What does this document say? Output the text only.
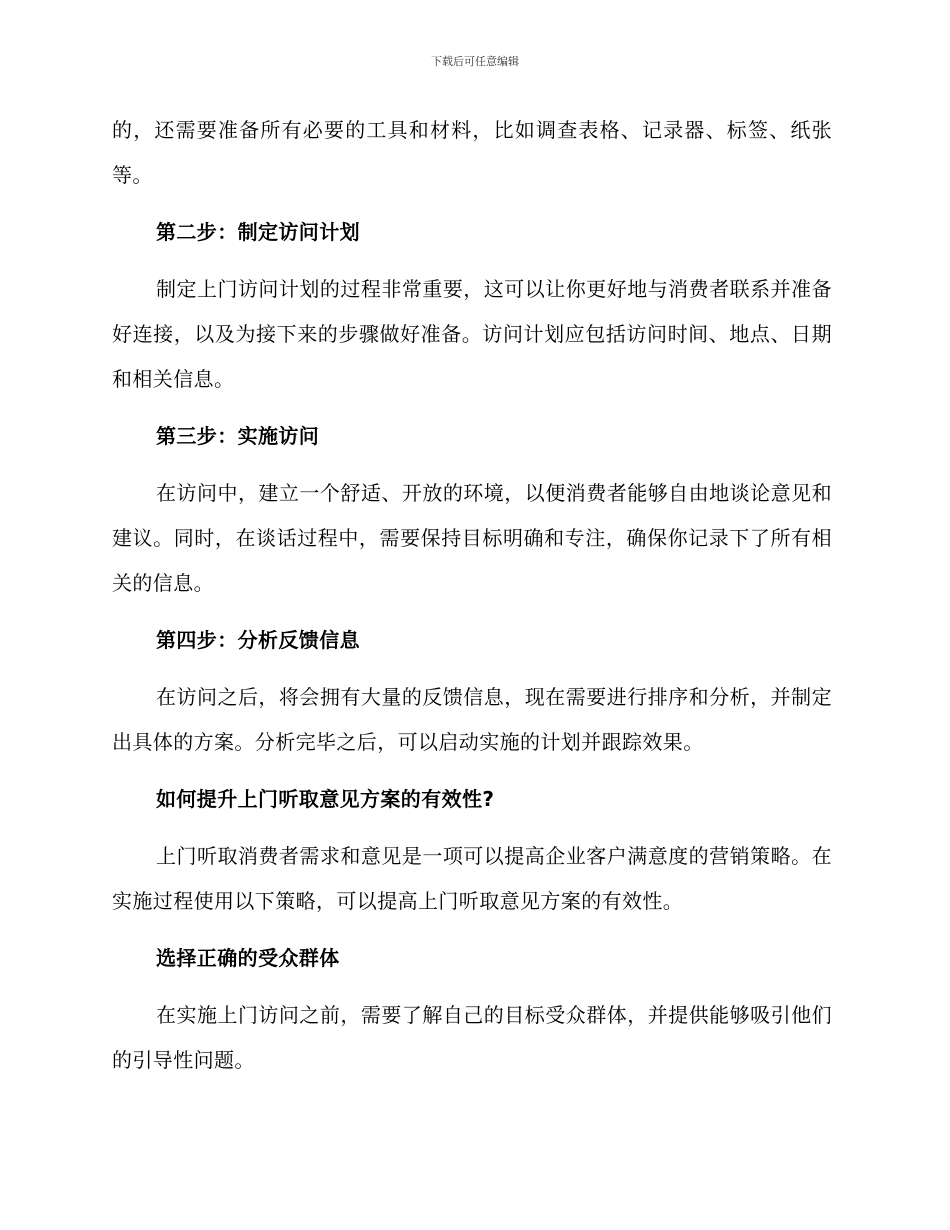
下载后可任意编辑

的，还需要准备所有必要的工具和材料，比如调查表格、记录器、标签、纸张等。

第二步：制定访问计划

制定上门访问计划的过程非常重要，这可以让你更好地与消费者联系并准备好连接，以及为接下来的步骤做好准备。访问计划应包括访问时间、地点、日期和相关信息。

第三步：实施访问

在访问中，建立一个舒适、开放的环境，以便消费者能够自由地谈论意见和建议。同时，在谈话过程中，需要保持目标明确和专注，确保你记录下了所有相关的信息。

第四步：分析反馈信息

在访问之后，将会拥有大量的反馈信息，现在需要进行排序和分析，并制定出具体的方案。分析完毕之后，可以启动实施的计划并跟踪效果。

如何提升上门听取意见方案的有效性?

上门听取消费者需求和意见是一项可以提高企业客户满意度的营销策略。在实施过程使用以下策略，可以提高上门听取意见方案的有效性。

选择正确的受众群体

在实施上门访问之前，需要了解自己的目标受众群体，并提供能够吸引他们的引导性问题。
